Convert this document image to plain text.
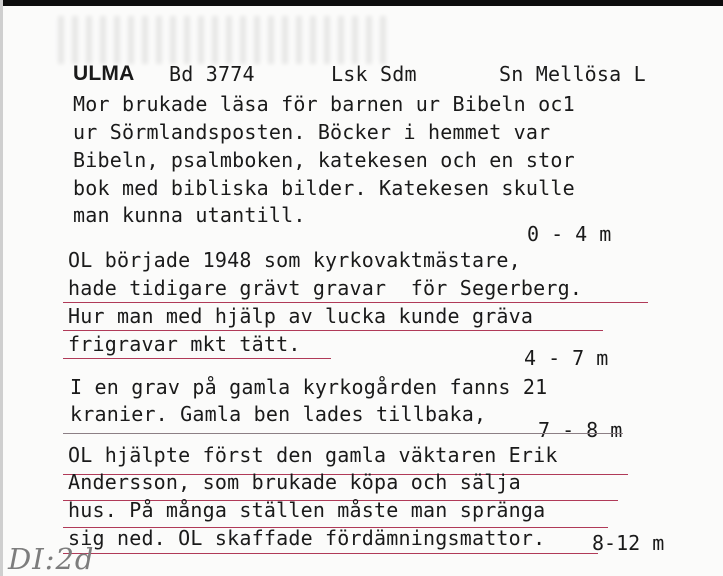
ULMA

Bd 3774

	Lsk Sdm

	Sn Mellösa L

Mor brukade läsa för barnen ur Bibeln oc1
ur Sörmlandsposten. Böcker i hemmet var
Bibeln, psalmboken, katekesen och en stor
bok med bibliska bilder. Katekesen skulle
man kunna utantill.
0 - 4 m
OL började 1948 som kyrkovaktmästare,
hade tidigare grävt gravar  för Segerberg.
Hur man med hjälp av lucka kunde gräva
frigravar mkt tätt.
4 - 7 m
I en grav på gamla kyrkogården fanns 21
kranier. Gamla ben lades tillbaka,
7 - 8 m
OL hjälpte först den gamla väktaren Erik
Andersson, som brukade köpa och sälja
hus. På många ställen måste man spränga
sig ned. OL skaffade fördämningsmattor. 8-12 m
DI:2d
